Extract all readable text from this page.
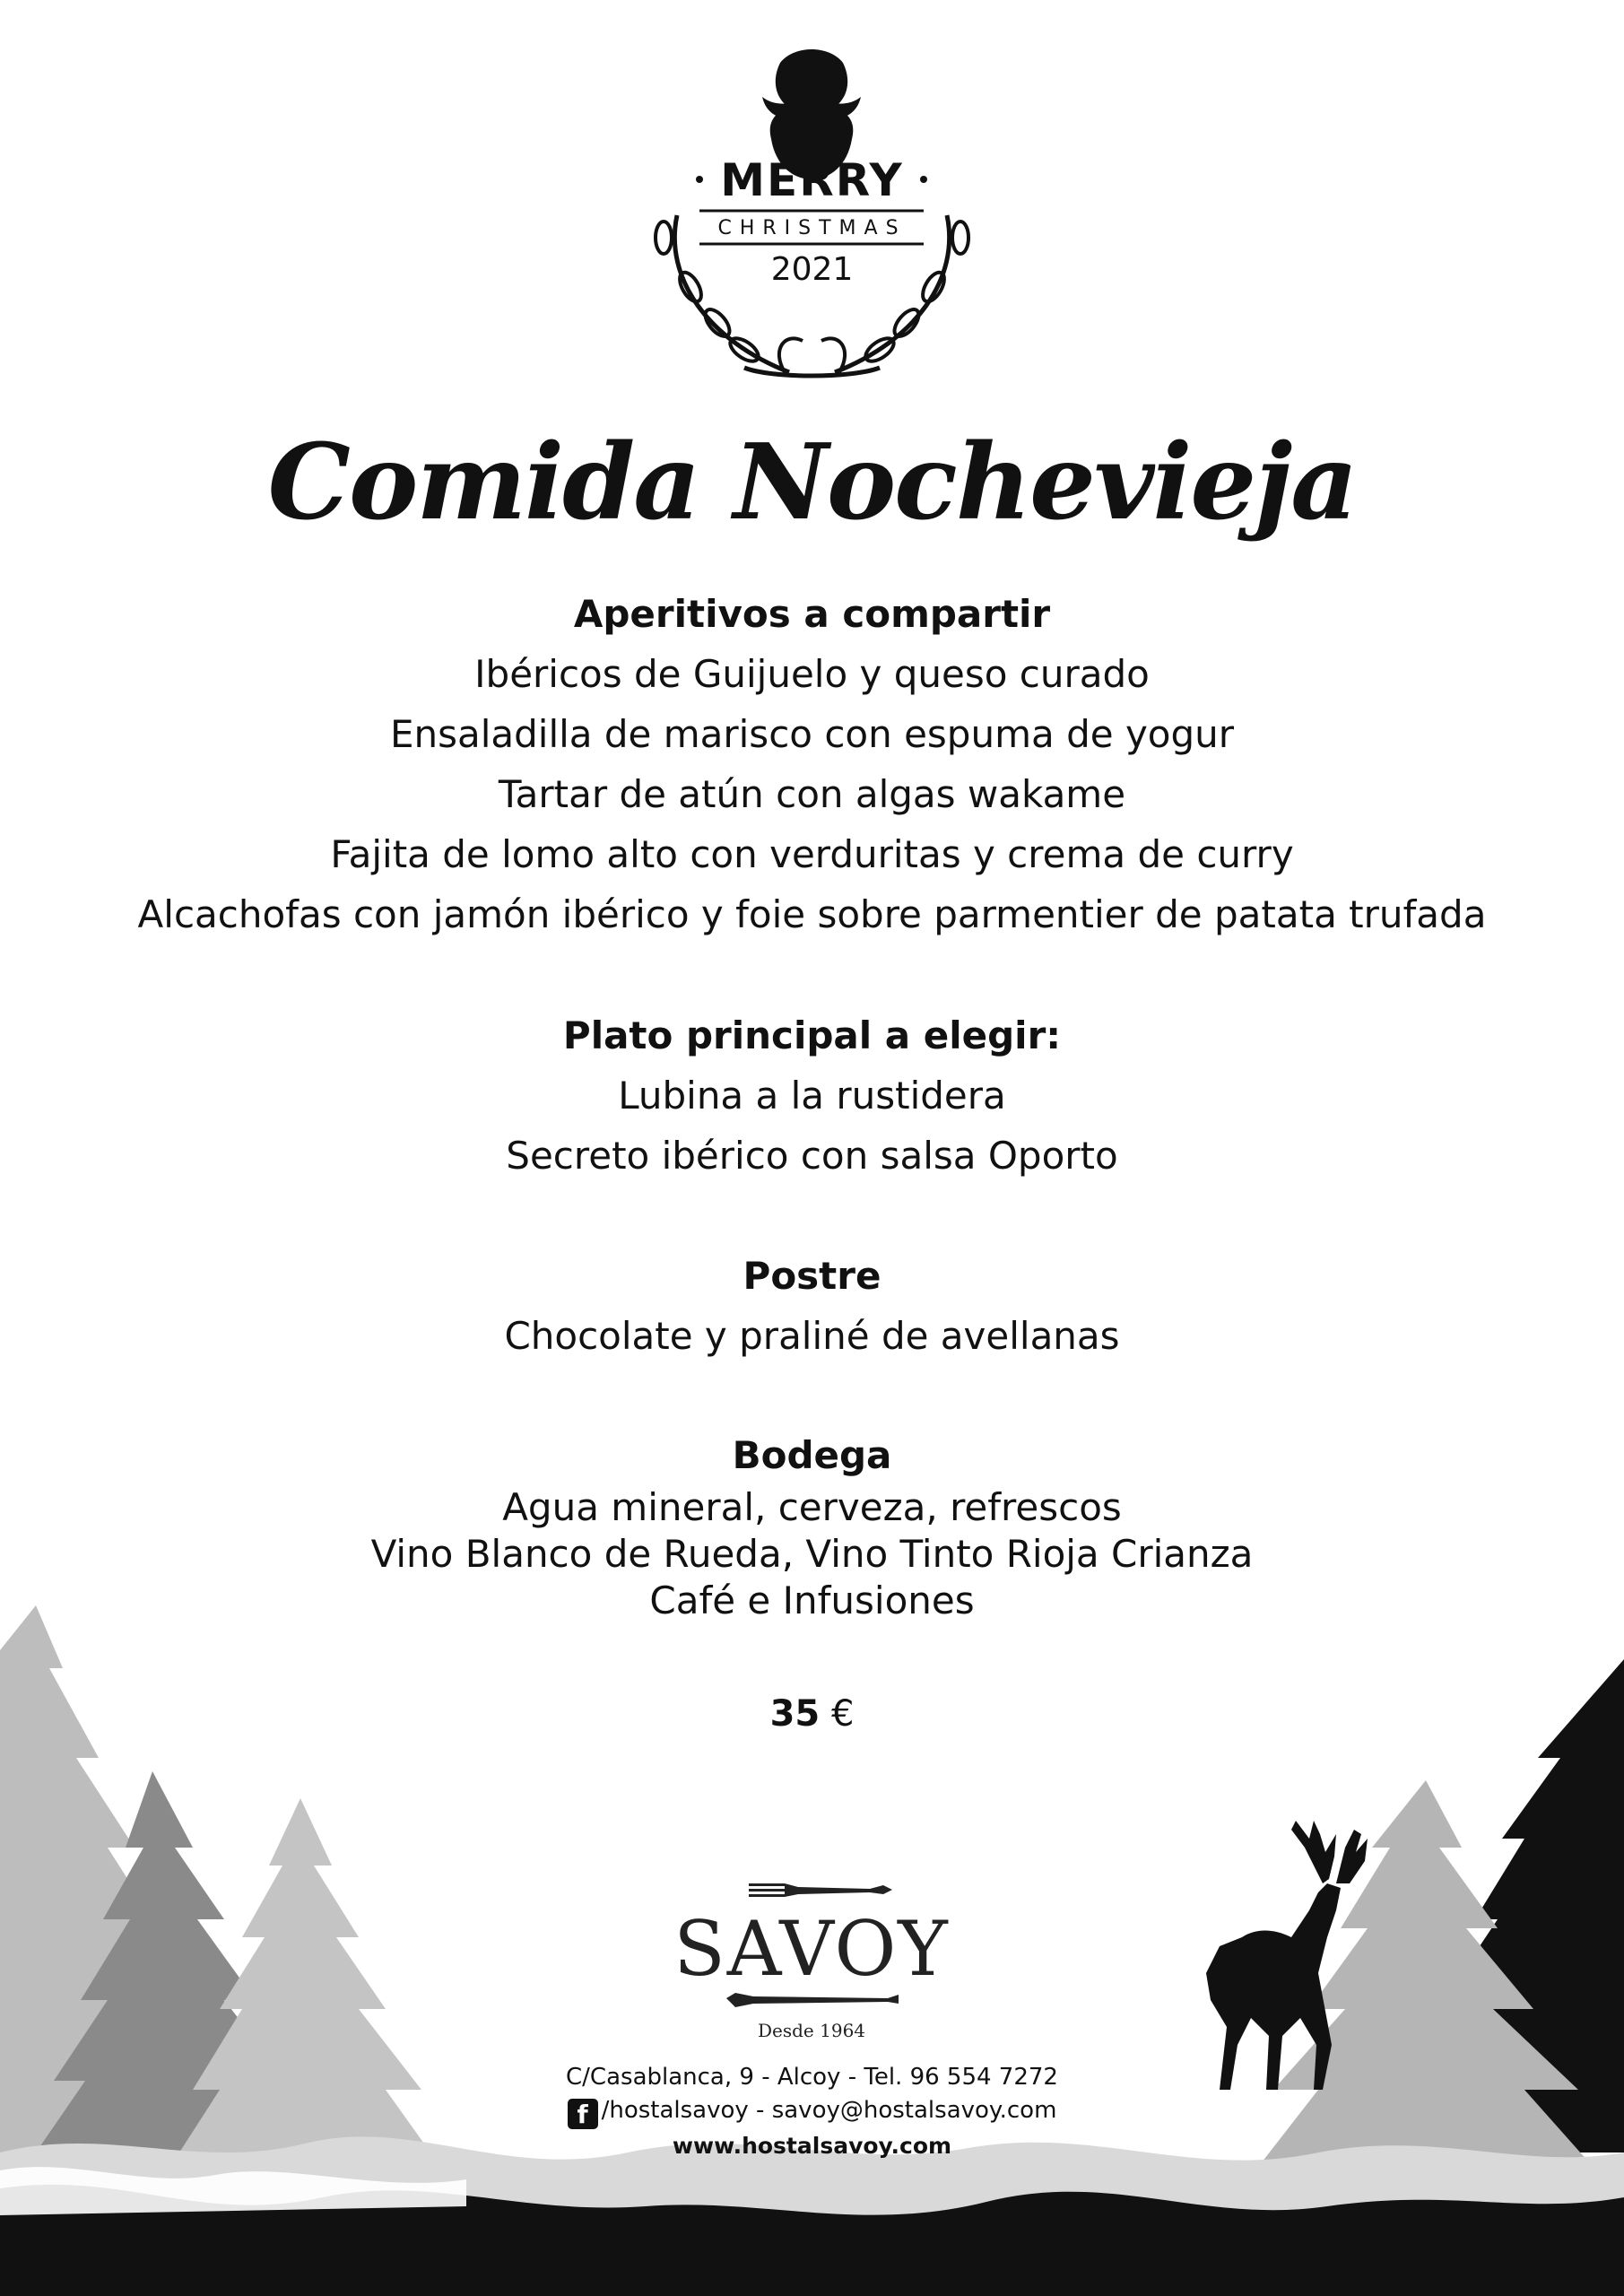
MERRY
CHRISTMAS
2021
Comida Nochevieja
Aperitivos a compartir
Ibéricos de Guijuelo y queso curado
Ensaladilla de marisco con espuma de yogur
Tartar de atún con algas wakame
Fajita de lomo alto con verduritas y crema de curry
Alcachofas con jamón ibérico y foie sobre parmentier de patata trufada
Plato principal a elegir:
Lubina a la rustidera
Secreto ibérico con salsa Oporto
Postre
Chocolate y praliné de avellanas
Bodega
Agua mineral, cerveza, refrescos
Vino Blanco de Rueda, Vino Tinto Rioja Crianza
Café e Infusiones
35 €
SAVOY
Desde 1964
C/Casablanca, 9 - Alcoy - Tel. 96 554 7272
f /hostalsavoy - savoy@hostalsavoy.com
www.hostalsavoy.com
